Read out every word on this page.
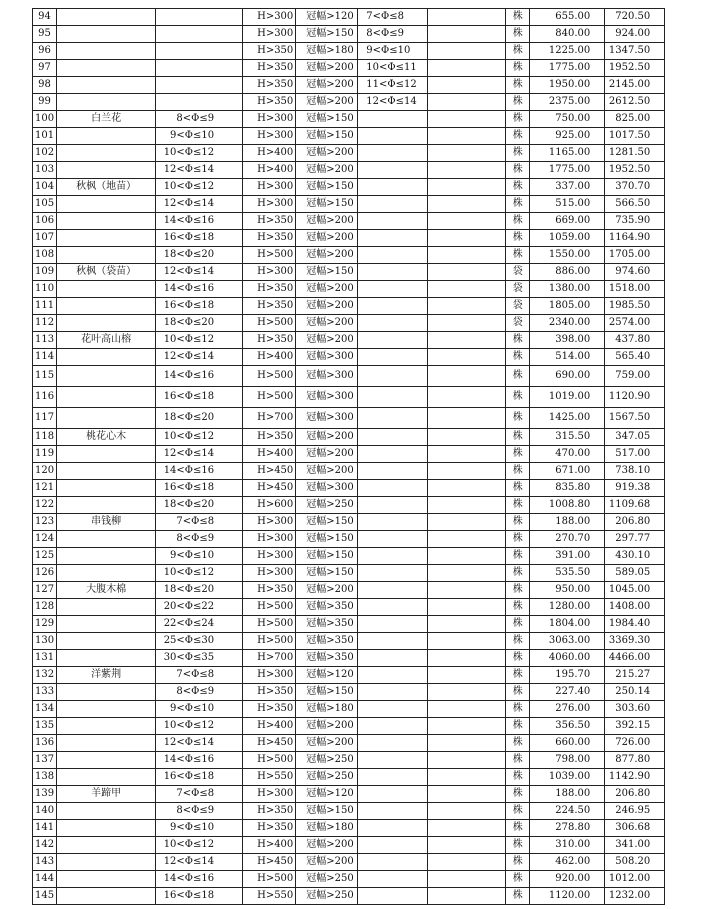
94			H>300	冠幅>120	7<Φ≤8		株	655.00	720.50
95			H>300	冠幅>150	8<Φ≤9		株	840.00	924.00
96			H>350	冠幅>180	9<Φ≤10		株	1225.00	1347.50
97			H>350	冠幅>200	10<Φ≤11		株	1775.00	1952.50
98			H>350	冠幅>200	11<Φ≤12		株	1950.00	2145.00
99			H>350	冠幅>200	12<Φ≤14		株	2375.00	2612.50
100	白兰花	8<Φ≤9	H>300	冠幅>150			株	750.00	825.00
101		9<Φ≤10	H>300	冠幅>150			株	925.00	1017.50
102		10<Φ≤12	H>400	冠幅>200			株	1165.00	1281.50
103		12<Φ≤14	H>400	冠幅>200			株	1775.00	1952.50
104	秋枫（地苗）	10<Φ≤12	H>300	冠幅>150			株	337.00	370.70
105		12<Φ≤14	H>300	冠幅>150			株	515.00	566.50
106		14<Φ≤16	H>350	冠幅>200			株	669.00	735.90
107		16<Φ≤18	H>350	冠幅>200			株	1059.00	1164.90
108		18<Φ≤20	H>500	冠幅>200			株	1550.00	1705.00
109	秋枫（袋苗）	12<Φ≤14	H>300	冠幅>150			袋	886.00	974.60
110		14<Φ≤16	H>350	冠幅>200			袋	1380.00	1518.00
111		16<Φ≤18	H>350	冠幅>200			袋	1805.00	1985.50
112		18<Φ≤20	H>500	冠幅>200			袋	2340.00	2574.00
113	花叶高山榕	10<Φ≤12	H>350	冠幅>200			株	398.00	437.80
114		12<Φ≤14	H>400	冠幅>300			株	514.00	565.40
115		14<Φ≤16	H>500	冠幅>300			株	690.00	759.00
116		16<Φ≤18	H>500	冠幅>300			株	1019.00	1120.90
117		18<Φ≤20	H>700	冠幅>300			株	1425.00	1567.50
118	桃花心木	10<Φ≤12	H>350	冠幅>200			株	315.50	347.05
119		12<Φ≤14	H>400	冠幅>200			株	470.00	517.00
120		14<Φ≤16	H>450	冠幅>200			株	671.00	738.10
121		16<Φ≤18	H>450	冠幅>300			株	835.80	919.38
122		18<Φ≤20	H>600	冠幅>250			株	1008.80	1109.68
123	串钱柳	7<Φ≤8	H>300	冠幅>150			株	188.00	206.80
124		8<Φ≤9	H>300	冠幅>150			株	270.70	297.77
125		9<Φ≤10	H>300	冠幅>150			株	391.00	430.10
126		10<Φ≤12	H>300	冠幅>150			株	535.50	589.05
127	大腹木棉	18<Φ≤20	H>350	冠幅>200			株	950.00	1045.00
128		20<Φ≤22	H>500	冠幅>350			株	1280.00	1408.00
129		22<Φ≤24	H>500	冠幅>350			株	1804.00	1984.40
130		25<Φ≤30	H>500	冠幅>350			株	3063.00	3369.30
131		30<Φ≤35	H>700	冠幅>350			株	4060.00	4466.00
132	洋紫荆	7<Φ≤8	H>300	冠幅>120			株	195.70	215.27
133		8<Φ≤9	H>350	冠幅>150			株	227.40	250.14
134		9<Φ≤10	H>350	冠幅>180			株	276.00	303.60
135		10<Φ≤12	H>400	冠幅>200			株	356.50	392.15
136		12<Φ≤14	H>450	冠幅>200			株	660.00	726.00
137		14<Φ≤16	H>500	冠幅>250			株	798.00	877.80
138		16<Φ≤18	H>550	冠幅>250			株	1039.00	1142.90
139	羊蹄甲	7<Φ≤8	H>300	冠幅>120			株	188.00	206.80
140		8<Φ≤9	H>350	冠幅>150			株	224.50	246.95
141		9<Φ≤10	H>350	冠幅>180			株	278.80	306.68
142		10<Φ≤12	H>400	冠幅>200			株	310.00	341.00
143		12<Φ≤14	H>450	冠幅>200			株	462.00	508.20
144		14<Φ≤16	H>500	冠幅>250			株	920.00	1012.00
145		16<Φ≤18	H>550	冠幅>250			株	1120.00	1232.00
